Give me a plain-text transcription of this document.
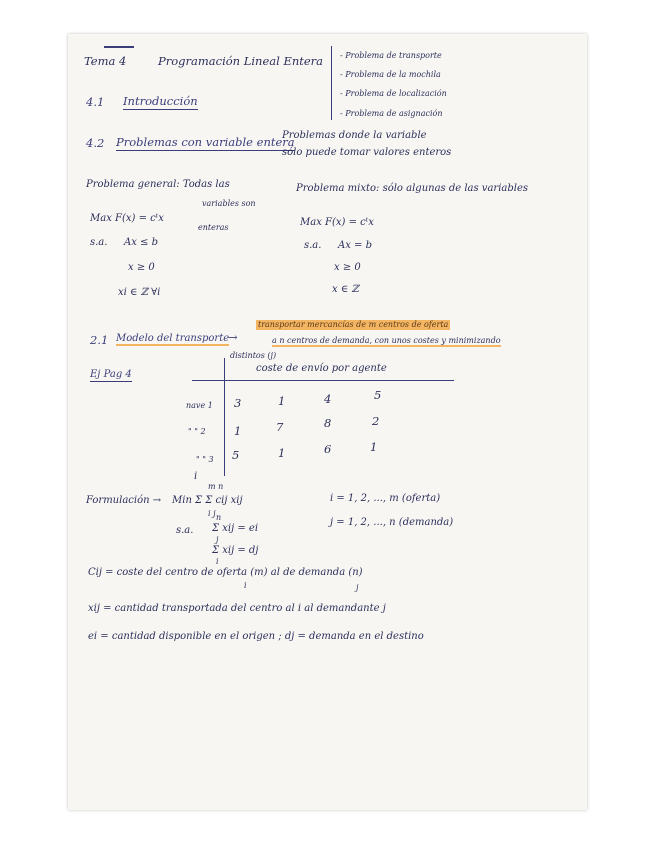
Tema 4	Programación Lineal Entera - Problema de transporte
- Problema de la mochila
- Problema de localización
- Problema de asignación
4.1 Introducción
4.2 Problemas con variable entera
Problemas donde la variable
sólo puede tomar valores enteros
Problema general: Todas las
variables son
enteras
Max F(x) = cᵗx
s.a. Ax ≤ b
x ≥ 0
xi ∈ ℤ ∀i
Problema mixto: sólo algunas de las variables
Max F(x) = cᵗx
s.a. Ax = b
x ≥ 0
x ∈ ℤ
2.1 Modelo del transporte
→
transportar mercancías de m centros de oferta
a n centros de demanda, con unos costes y minimizando
Ej Pag 4
distintos (j)
coste de envío por agente
nave 1 3	1	4	5
" " 2 1	7	8	2
" " 3 5	1	6	1
i
Formulación →
m n
Min Σ Σ cij xij
i j
s.a.
n
Σ xij = ei
j
Σ xij = dj
i
i = 1, 2, ..., m (oferta)
j = 1, 2, ..., n (demanda)
Cij = coste del centro de oferta (m) al de demanda (n)
i	j
xij = cantidad transportada del centro al i al demandante j
ei = cantidad disponible en el origen ; dj = demanda en el destino
